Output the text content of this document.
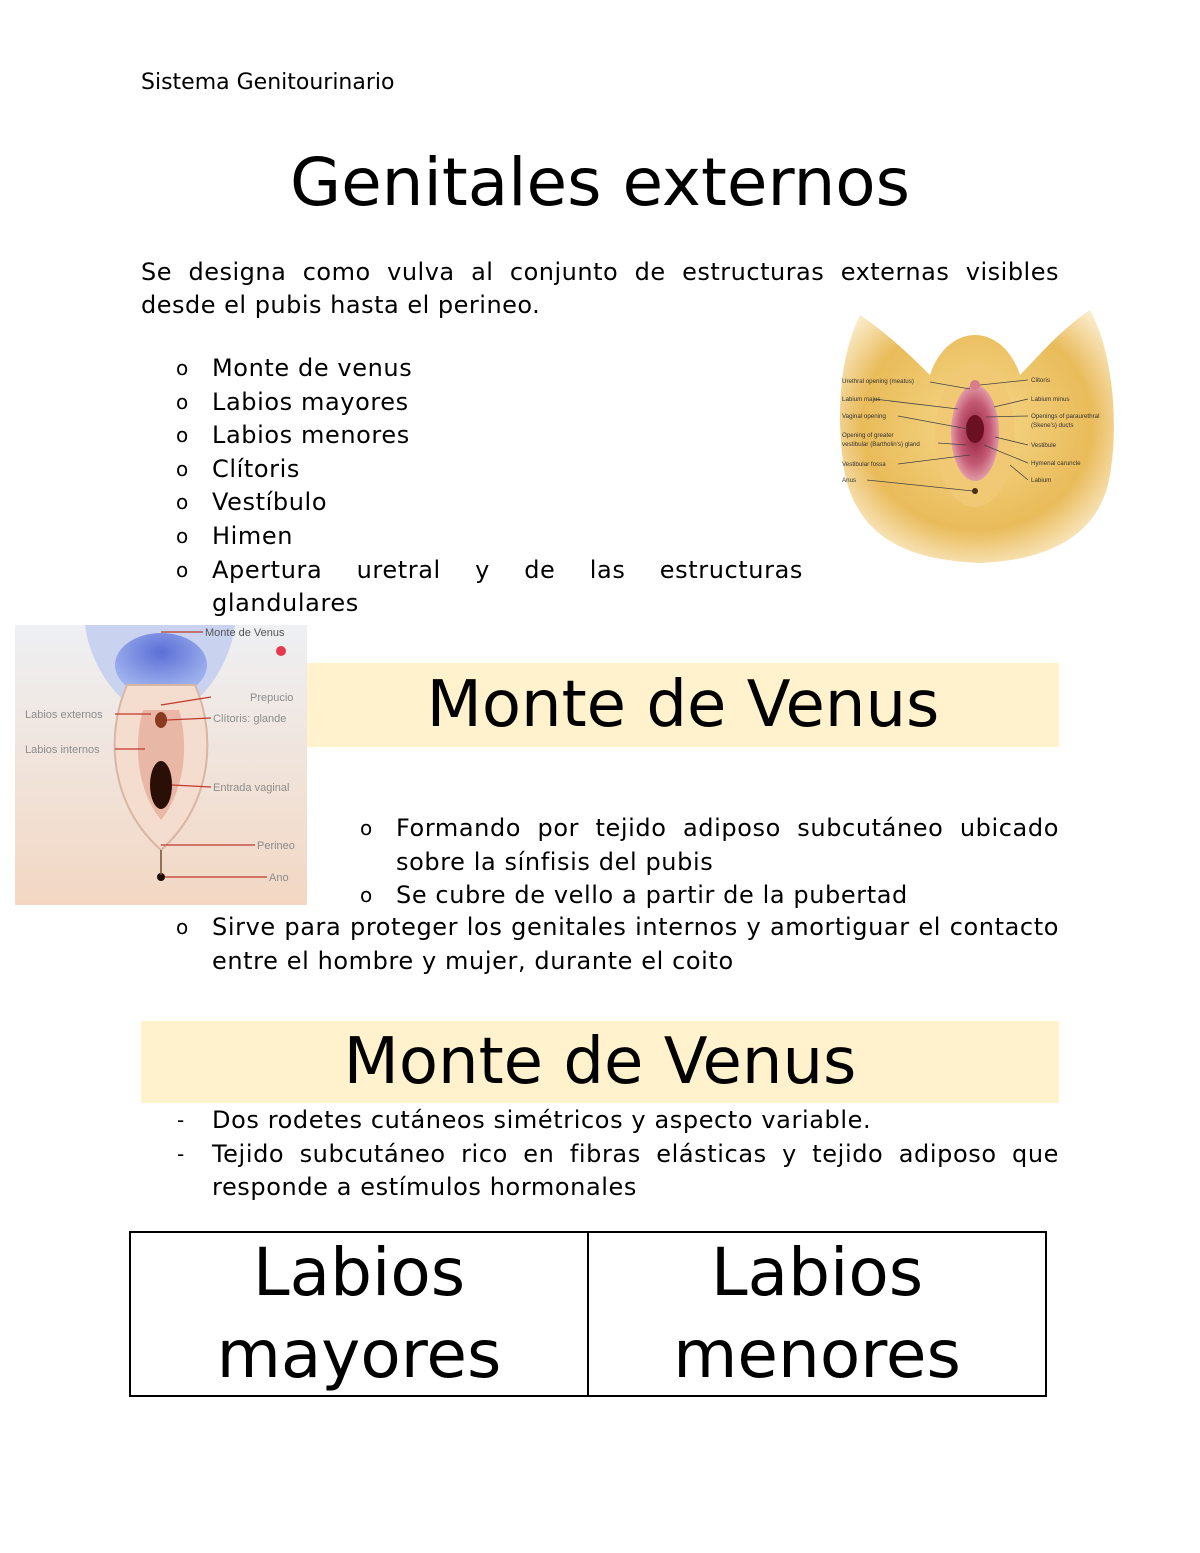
Sistema Genitourinario
Genitales externos
Se designa como vulva al conjunto de estructuras externas visibles desde el pubis hasta el perineo.
o Monte de venus
o Labios mayores
o Labios menores
o Clítoris
o Vestíbulo
o Himen
o Apertura uretral y de las estructuras glandulares
Urethral opening (meatus)
Labium majus
Vaginal opening
Opening of greater
vestibular (Bartholin's) gland
Vestibular fossa
Anus
Clitoris
Labium minus
Openings of paraurethral
(Skene's) ducts
Vestibule
Hymenal caruncle
Labium
Monte de Venus
Labios externos
Labios internos
Prepucio
Clítoris: glande
Entrada vaginal
Perineo
Ano
Monte de Venus
o Formando por tejido adiposo subcutáneo ubicado sobre la sínfisis del pubis
o Se cubre de vello a partir de la pubertad
o Sirve para proteger los genitales internos y amortiguar el contacto entre el hombre y mujer, durante el coito
Monte de Venus
- Dos rodetes cutáneos simétricos y aspecto variable.
- Tejido subcutáneo rico en fibras elásticas y tejido adiposo que responde a estímulos hormonales
Labios mayores
Labios menores
